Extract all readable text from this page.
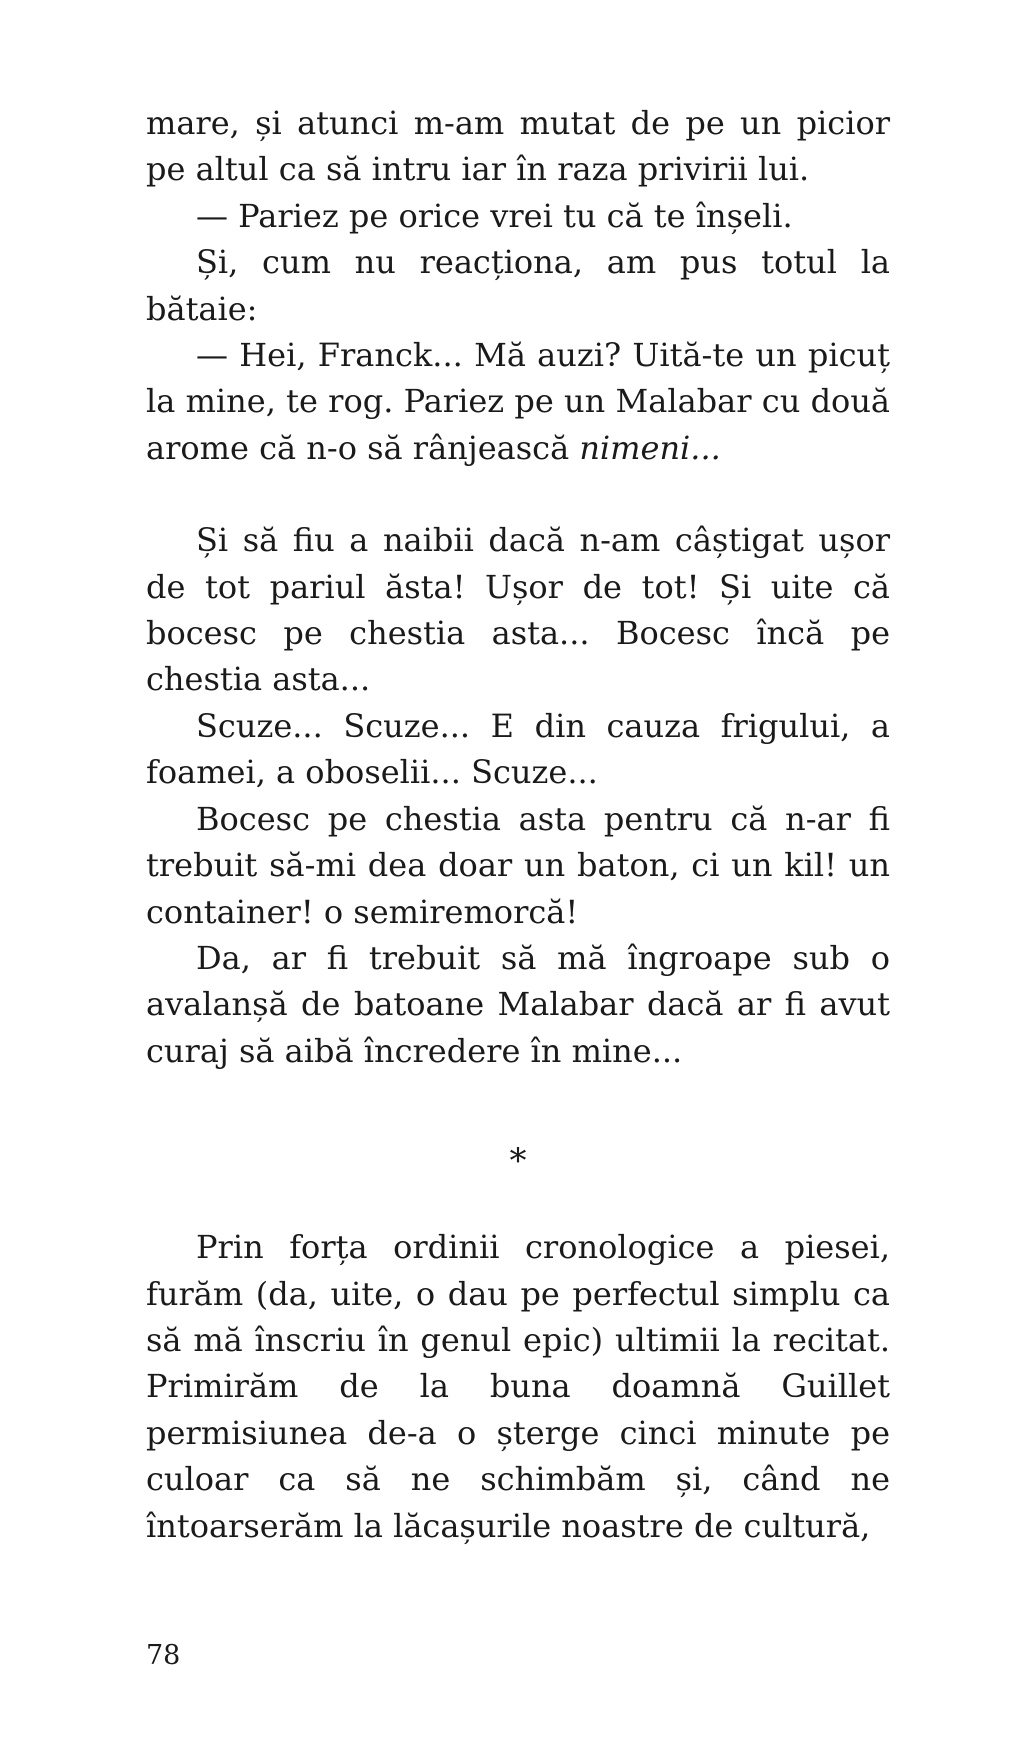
mare, și atunci m-am mutat de pe un picior pe altul ca să intru iar în raza privirii lui.

— Pariez pe orice vrei tu că te înșeli.

Și, cum nu reacționa, am pus totul la bătaie:

— Hei, Franck... Mă auzi? Uită-te un picuț la mine, te rog. Pariez pe un Malabar cu două arome că n-o să rânjească nimeni...

Și să fiu a naibii dacă n-am câștigat ușor de tot pariul ăsta! Ușor de tot! Și uite că bocesc pe chestia asta... Bocesc încă pe chestia asta...

Scuze... Scuze... E din cauza frigului, a foamei, a oboselii... Scuze...

Bocesc pe chestia asta pentru că n-ar fi trebuit să-mi dea doar un baton, ci un kil! un container! o semiremorcă!

Da, ar fi trebuit să mă îngroape sub o avalanșă de batoane Malabar dacă ar fi avut curaj să aibă încredere în mine...

*

Prin forța ordinii cronologice a piesei, furăm (da, uite, o dau pe perfectul simplu ca să mă înscriu în genul epic) ultimii la recitat. Primirăm de la buna doamnă Guillet permisiunea de-a o șterge cinci minute pe culoar ca să ne schimbăm și, când ne întoarserăm la lăcașurile noastre de cultură,

78
